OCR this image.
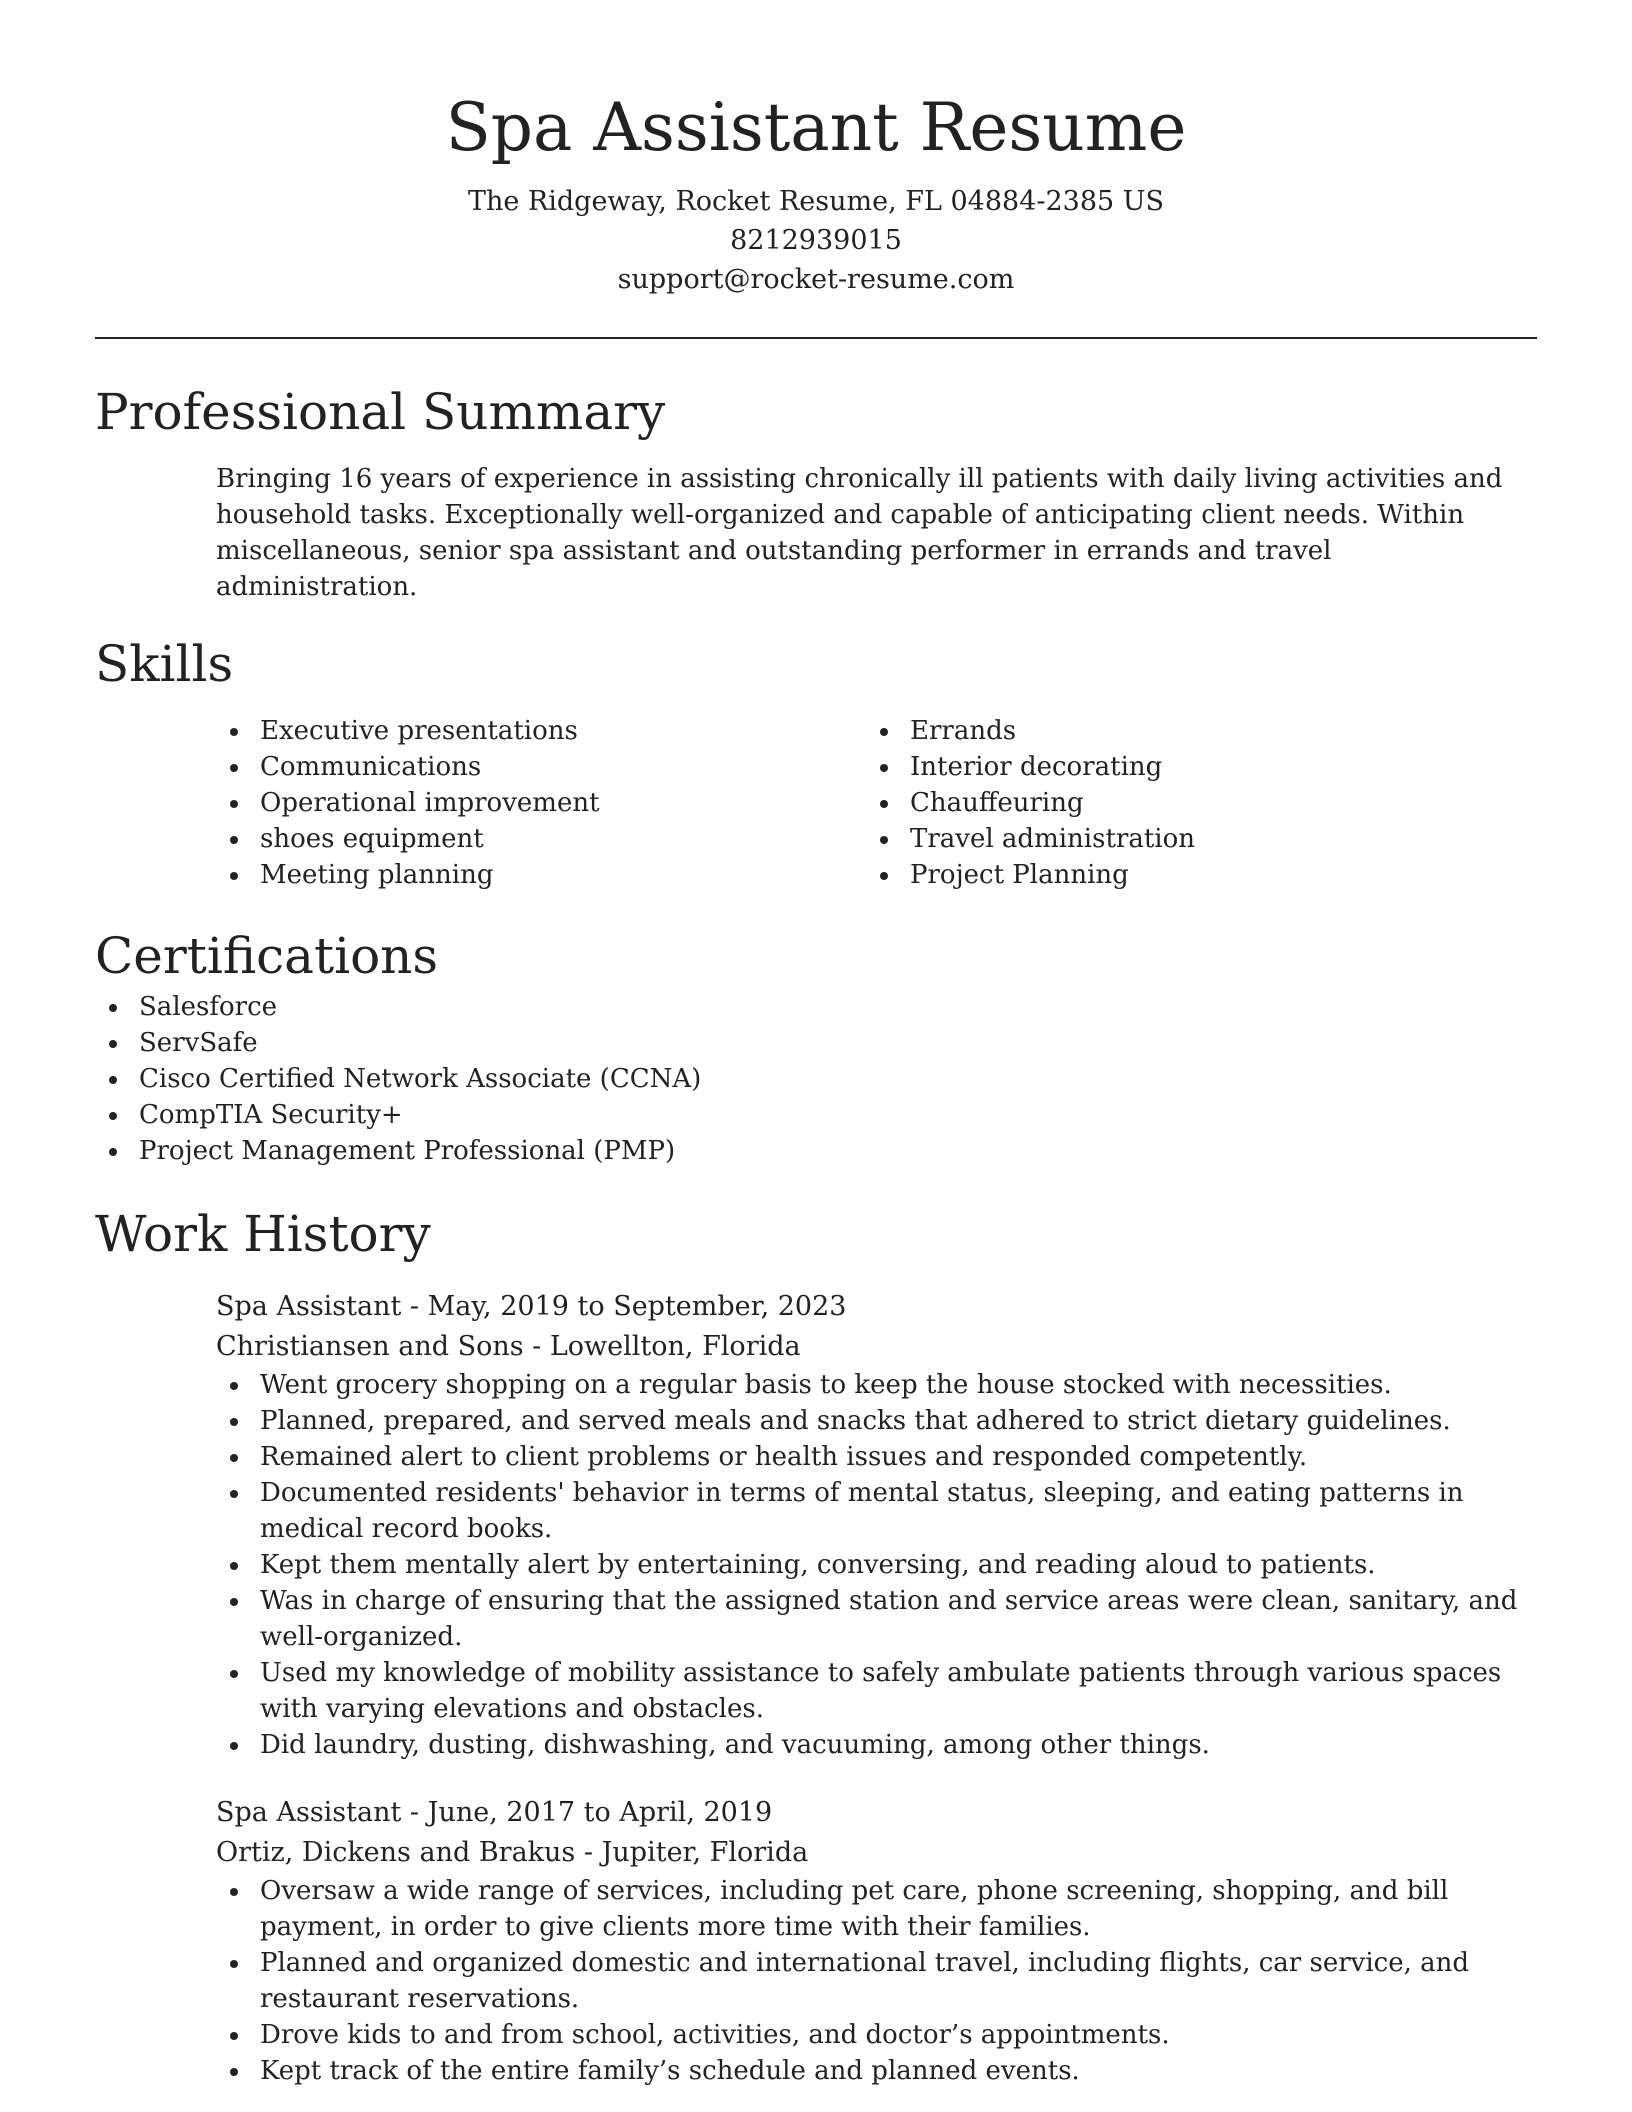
Spa Assistant Resume
The Ridgeway, Rocket Resume, FL 04884-2385 US
8212939015
support@rocket-resume.com
Professional Summary
Bringing 16 years of experience in assisting chronically ill patients with daily living activities and household tasks. Exceptionally well-organized and capable of anticipating client needs. Within miscellaneous, senior spa assistant and outstanding performer in errands and travel administration.
Skills
Executive presentations
Communications
Operational improvement
shoes equipment
Meeting planning
Errands
Interior decorating
Chauffeuring
Travel administration
Project Planning
Certifications
Salesforce
ServSafe
Cisco Certified Network Associate (CCNA)
CompTIA Security+
Project Management Professional (PMP)
Work History
Spa Assistant - May, 2019 to September, 2023
Christiansen and Sons - Lowellton, Florida
Went grocery shopping on a regular basis to keep the house stocked with necessities.
Planned, prepared, and served meals and snacks that adhered to strict dietary guidelines.
Remained alert to client problems or health issues and responded competently.
Documented residents' behavior in terms of mental status, sleeping, and eating patterns in medical record books.
Kept them mentally alert by entertaining, conversing, and reading aloud to patients.
Was in charge of ensuring that the assigned station and service areas were clean, sanitary, and well-organized.
Used my knowledge of mobility assistance to safely ambulate patients through various spaces with varying elevations and obstacles.
Did laundry, dusting, dishwashing, and vacuuming, among other things.
Spa Assistant - June, 2017 to April, 2019
Ortiz, Dickens and Brakus - Jupiter, Florida
Oversaw a wide range of services, including pet care, phone screening, shopping, and bill payment, in order to give clients more time with their families.
Planned and organized domestic and international travel, including flights, car service, and restaurant reservations.
Drove kids to and from school, activities, and doctor’s appointments.
Kept track of the entire family’s schedule and planned events.
